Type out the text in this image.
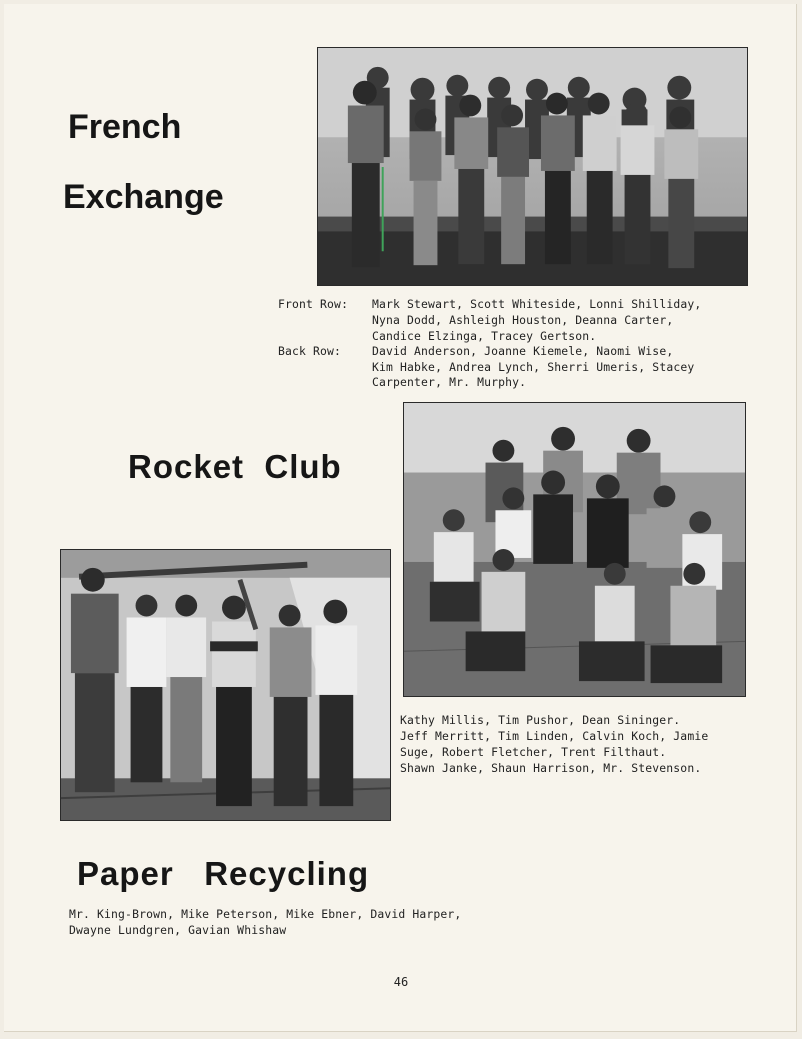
French
Exchange
Front Row: Mark Stewart, Scott Whiteside, Lonni Shilliday,
Nyna Dodd, Ashleigh Houston, Deanna Carter,
Candice Elzinga, Tracey Gertson.
Back Row:	David Anderson, Joanne Kiemele, Naomi Wise,
Kim Habke, Andrea Lynch, Sherri Umeris, Stacey
Carpenter, Mr. Murphy.
Rocket  Club
Kathy Millis, Tim Pushor, Dean Sininger.
Jeff Merritt, Tim Linden, Calvin Koch, Jamie
Suge, Robert Fletcher, Trent Filthaut.
Shawn Janke, Shaun Harrison, Mr. Stevenson.
Paper   Recycling
Mr. King-Brown, Mike Peterson, Mike Ebner, David Harper,
Dwayne Lundgren, Gavian Whishaw
46
